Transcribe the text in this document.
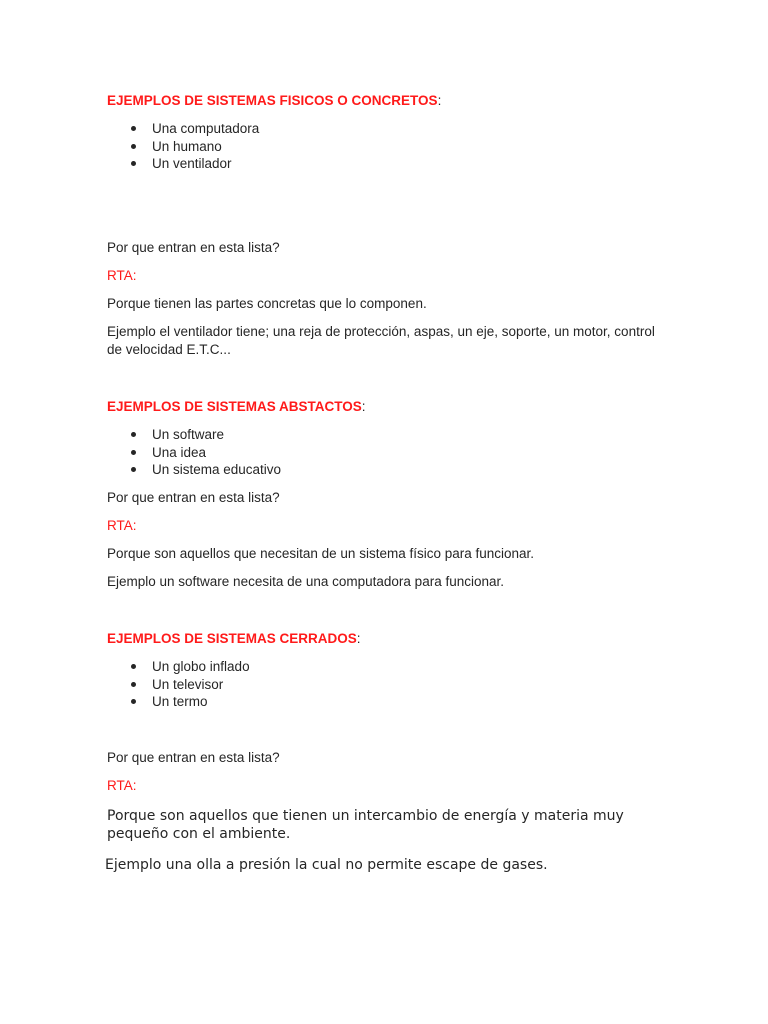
EJEMPLOS DE SISTEMAS FISICOS O CONCRETOS:

Una computadora
Un humano
Un ventilador

Por que entran en esta lista?

RTA:

Porque tienen las partes concretas que lo componen.

Ejemplo el ventilador tiene; una reja de protección, aspas, un eje, soporte, un motor, control de velocidad E.T.C...

EJEMPLOS DE SISTEMAS ABSTACTOS:

Un software
Una idea
Un sistema educativo

Por que entran en esta lista?

RTA:

Porque son aquellos que necesitan de un sistema físico para funcionar.

Ejemplo un software necesita de una computadora para funcionar.

EJEMPLOS DE SISTEMAS CERRADOS:

Un globo inflado
Un televisor
Un termo

Por que entran en esta lista?

RTA:

Porque son aquellos que tienen un intercambio de energía y materia muy pequeño con el ambiente.

Ejemplo una olla a presión la cual no permite escape de gases.
